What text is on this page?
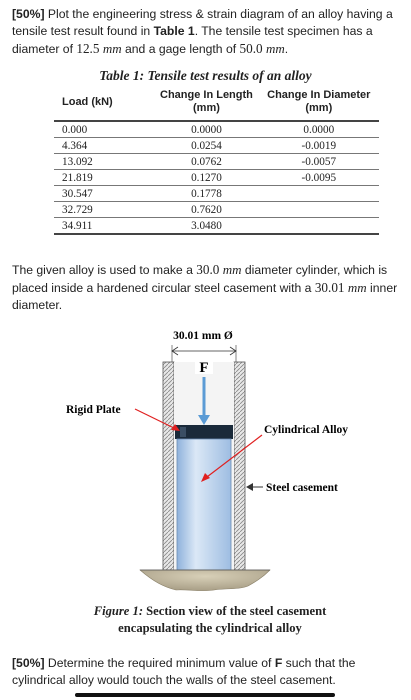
[50%] Plot the engineering stress & strain diagram of an alloy having a tensile test result found in Table 1. The tensile test specimen has a diameter of 12.5 mm and a gage length of 50.0 mm.
Table 1: Tensile test results of an alloy
Load (kN)	Change In Length (mm)	Change In Diameter (mm)
0.000	0.0000	0.0000
4.364	0.0254	-0.0019
13.092	0.0762	-0.0057
21.819	0.1270	-0.0095
30.547	0.1778	
32.729	0.7620	
34.911	3.0480	
The given alloy is used to make a 30.0 mm diameter cylinder, which is placed inside a hardened circular steel casement with a 30.01 mm inner diameter.
30.01 mm Ø
F
Rigid Plate
Cylindrical Alloy
Steel casement
Figure 1: Section view of the steel casement encapsulating the cylindrical alloy
[50%] Determine the required minimum value of F such that the cylindrical alloy would touch the walls of the steel casement.
